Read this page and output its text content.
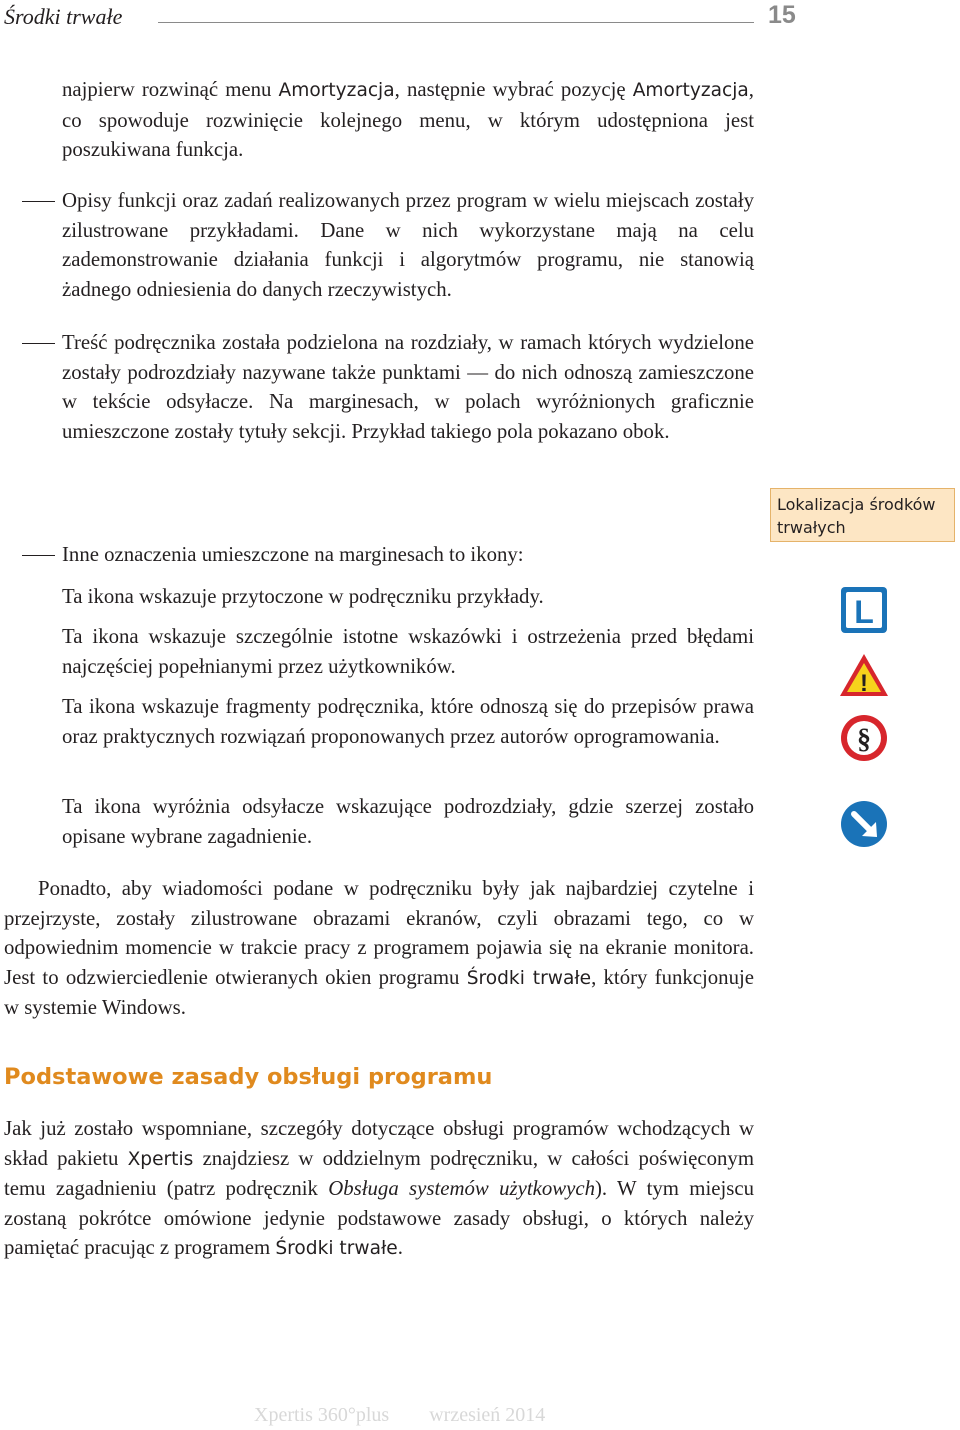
Środki trwałe	15

najpierw rozwinąć menu Amortyzacja, następnie wybrać pozycję Amortyzacja, co spowoduje rozwinięcie kolejnego menu, w którym udostępniona jest poszukiwana funkcja.

Opisy funkcji oraz zadań realizowanych przez program w wielu miejscach zostały zilustrowane przykładami. Dane w nich wykorzystane mają na celu zademonstrowanie działania funkcji i algorytmów programu, nie stanowią żadnego odniesienia do danych rzeczywistych.

Treść podręcznika została podzielona na rozdziały, w ramach których wydzielone zostały podrozdziały nazywane także punktami — do nich odnoszą zamieszczone w tekście odsyłacze. Na marginesach, w polach wyróżnionych graficznie umieszczone zostały tytuły sekcji. Przykład takiego pola pokazano obok.

Inne oznaczenia umieszczone na marginesach to ikony:

Ta ikona wskazuje przytoczone w podręczniku przykłady.

Ta ikona wskazuje szczególnie istotne wskazówki i ostrzeżenia przed błędami najczęściej popełnianymi przez użytkowników.

Ta ikona wskazuje fragmenty podręcznika, które odnoszą się do przepisów prawa oraz praktycznych rozwiązań proponowanych przez autorów oprogramowania.

Ta ikona wyróżnia odsyłacze wskazujące podrozdziały, gdzie szerzej zostało opisane wybrane zagadnienie.

Lokalizacja środków trwałych
L
!
§

Ponadto, aby wiadomości podane w podręczniku były jak najbardziej czytelne i przejrzyste, zostały zilustrowane obrazami ekranów, czyli obrazami tego, co w odpowiednim momencie w trakcie pracy z programem pojawia się na ekranie monitora. Jest to odzwierciedlenie otwieranych okien programu Środki trwałe, który funkcjonuje w systemie Windows.

Podstawowe zasady obsługi programu

Jak już zostało wspomniane, szczegóły dotyczące obsługi programów wchodzących w skład pakietu Xpertis znajdziesz w oddzielnym podręczniku, w całości poświęconym temu zagadnieniu (patrz podręcznik Obsługa systemów użytkowych). W tym miejscu zostaną pokrótce omówione jedynie podstawowe zasady obsługi, o których należy pamiętać pracując z programem Środki trwałe.

Xpertis 360°plus wrzesień 2014
